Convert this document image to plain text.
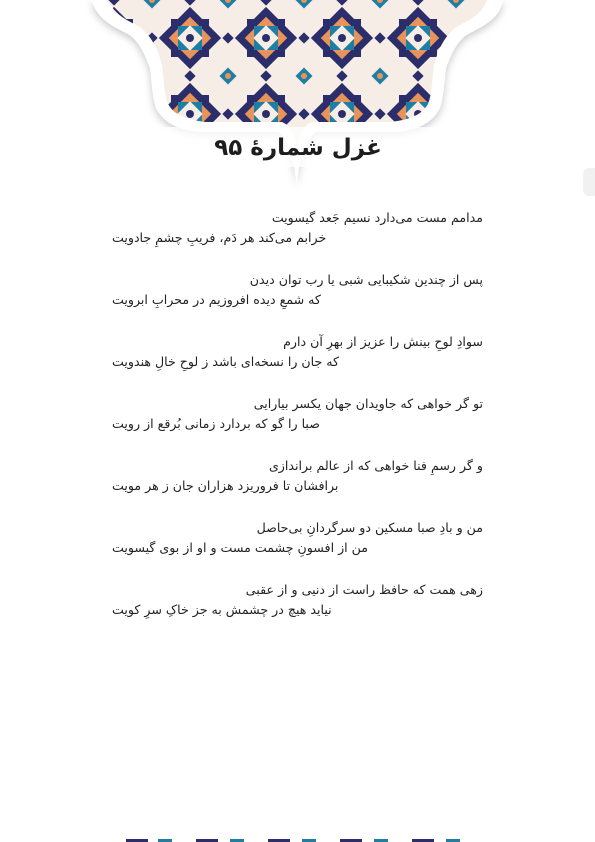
غزل شمارهٔ ۹۵
مدامم مست می‌دارد نسیم جَعد گیسویت
خرابم می‌کند هر دَم، فریبِ چشمِ جادویت
پس از چندین شکیبایی شبی یا رب توان دیدن
که شمعِ دیده افروزیم در محرابِ ابرویت
سوادِ لوحِ بینش را عزیز از بهرِ آن دارم
که جان را نسخه‌ای باشد ز لوحِ خالِ هندویت
تو گر خواهی که جاویدان جهان یکسر بیارایی
صبا را گو که بردارد زمانی بُرقع از رویت
و گر رسمِ فنا خواهی که از عالم براندازی
برافشان تا فروریزد هزاران جان ز هر مویت
من و بادِ صبا مسکین دو سرگردانِ بی‌حاصل
من از افسونِ چشمت مست و او از بوی گیسویت
زهی همت که حافظ راست از دنیی و از عقبی
نیاید هیچ در چشمش به جز خاکِ سرِ کویت
